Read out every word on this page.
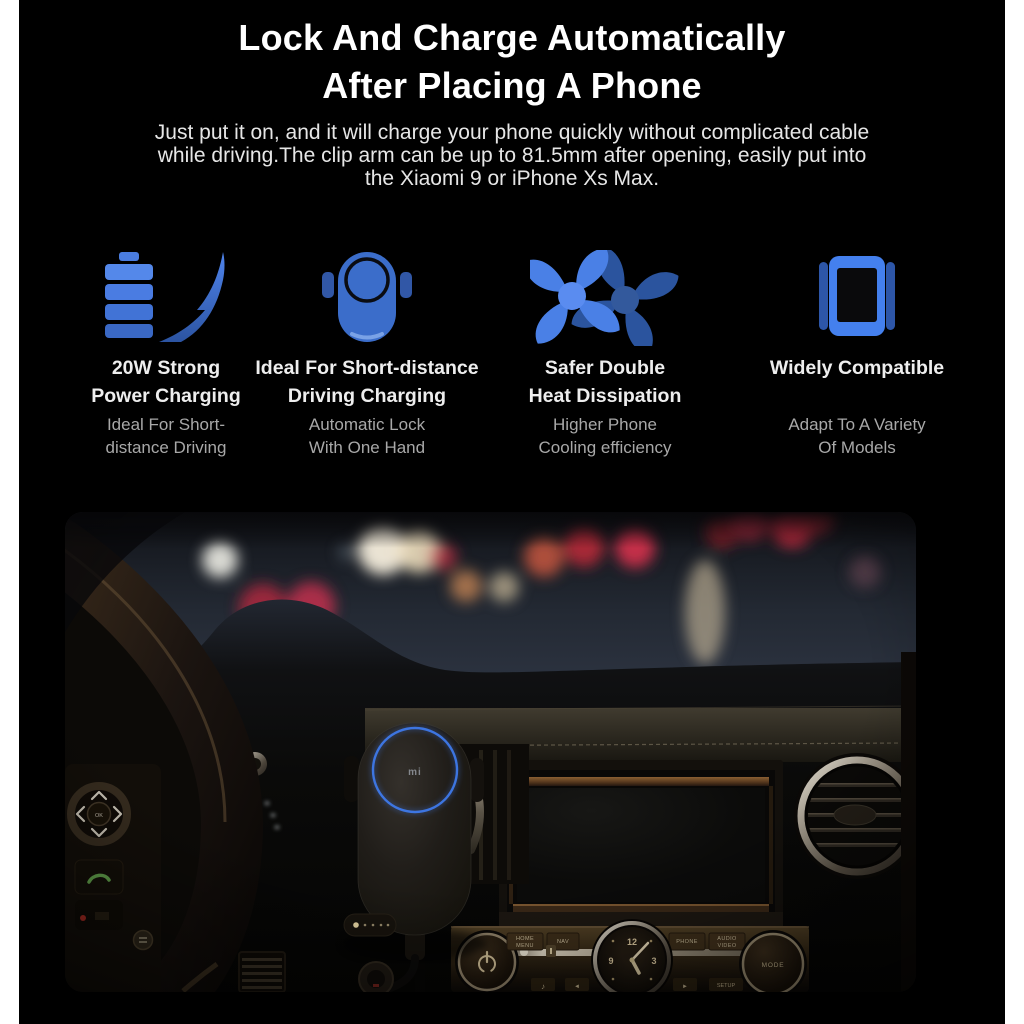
Lock And Charge Automatically
After Placing A Phone
Just put it on, and it will charge your phone quickly without complicated cable
while driving.The clip arm can be up to 81.5mm after opening, easily put into
the Xiaomi 9 or iPhone Xs Max.
20W Strong
Power Charging
Ideal For Short-
distance Driving
Ideal For Short-distance
Driving Charging
Automatic Lock
With One Hand
Safer Double
Heat Dissipation
Higher Phone
Cooling efficiency
Widely Compatible
Adapt To A Variety
Of Models
